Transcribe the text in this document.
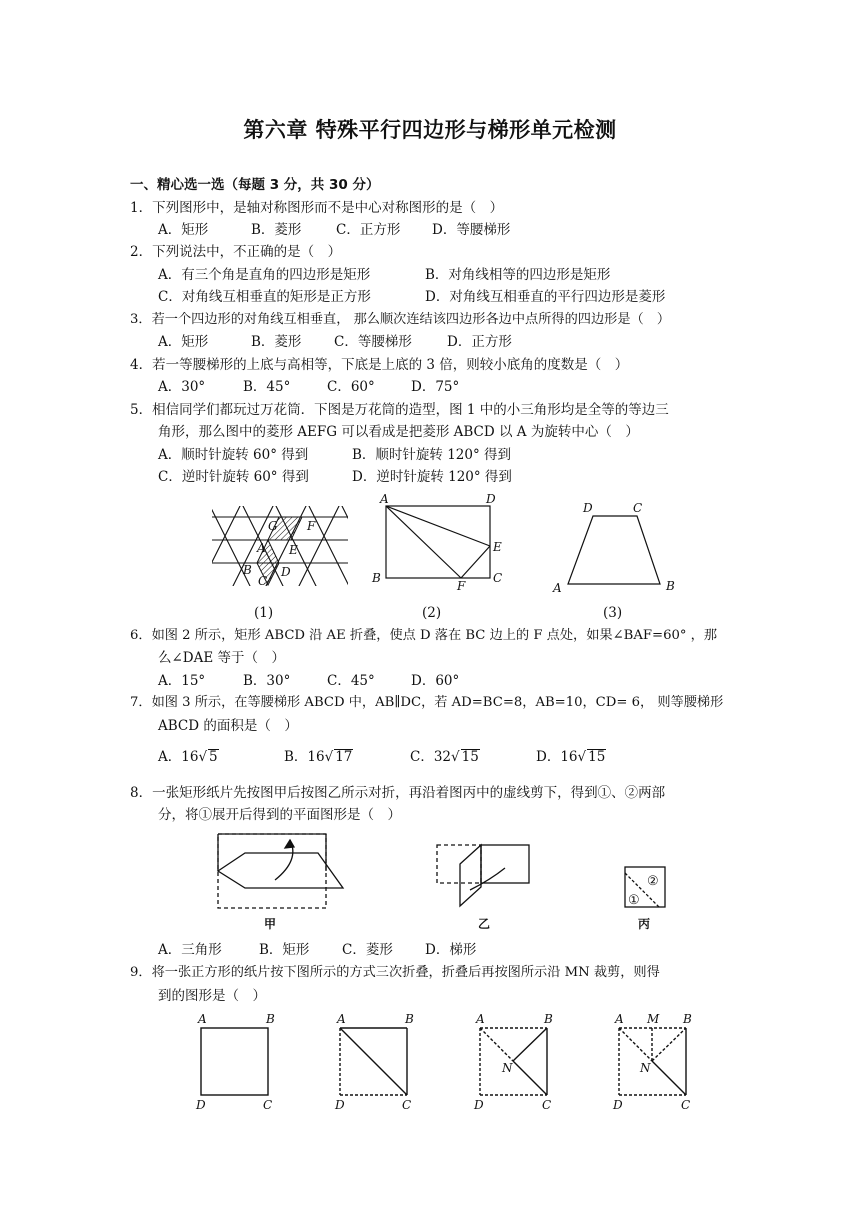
第六章 特殊平行四边形与梯形单元检测
一、精心选一选（每题 3 分，共 30 分）
1．下列图形中，是轴对称图形而不是中心对称图形的是（　）
A．矩形	B．菱形	C．正方形 D．等腰梯形
2．下列说法中，不正确的是（　）
A．有三个角是直角的四边形是矩形	B．对角线相等的四边形是矩形
C．对角线互相垂直的矩形是正方形	D．对角线互相垂直的平行四边形是菱形
3．若一个四边形的对角线互相垂直， 那么顺次连结该四边形各边中点所得的四边形是（　）
A．矩形	B．菱形 C．等腰梯形	D．正方形
4．若一等腰梯形的上底与高相等，下底是上底的 3 倍，则较小底角的度数是（　）
A．30°	B．45°	C．60°	D．75°
5．相信同学们都玩过万花筒．下图是万花筒的造型，图 1 中的小三角形均是全等的等边三
角形，那么图中的菱形 AEFG 可以看成是把菱形 ABCD 以 A 为旋转中心（　）
A．顺时针旋转 60° 得到	B．顺时针旋转 120° 得到
C．逆时针旋转 60° 得到	D．逆时针旋转 120° 得到
G F
A E
B
C
D
A	D
E
B
F
C
D	C
A	B
①
②
A	B
C
D
A	B
C
D
A	B
C
D
N
A M B
C
D
N
(1)	(2)	(3)
6．如图 2 所示，矩形 ABCD 沿 AE 折叠，使点 D 落在 BC 边上的 F 点处，如果∠BAF=60° ，那
么∠DAE 等于（　）
A．15°	B．30°	C．45°	D．60°
7．如图 3 所示，在等腰梯形 ABCD 中，AB∥DC，若 AD=BC=8，AB=10，CD= 6， 则等腰梯形
ABCD 的面积是（　）
A．16√ 5	B．16√ 17	C．32√ 15	D．16√ 15
8．一张矩形纸片先按图甲后按图乙所示对折，再沿着图丙中的虚线剪下，得到①、②两部
分，将①展开后得到的平面图形是（　）
甲	乙	丙
A．三角形	B．矩形 C．菱形 D．梯形
9．将一张正方形的纸片按下图所示的方式三次折叠，折叠后再按图所示沿 MN 裁剪，则得
到的图形是（　）
